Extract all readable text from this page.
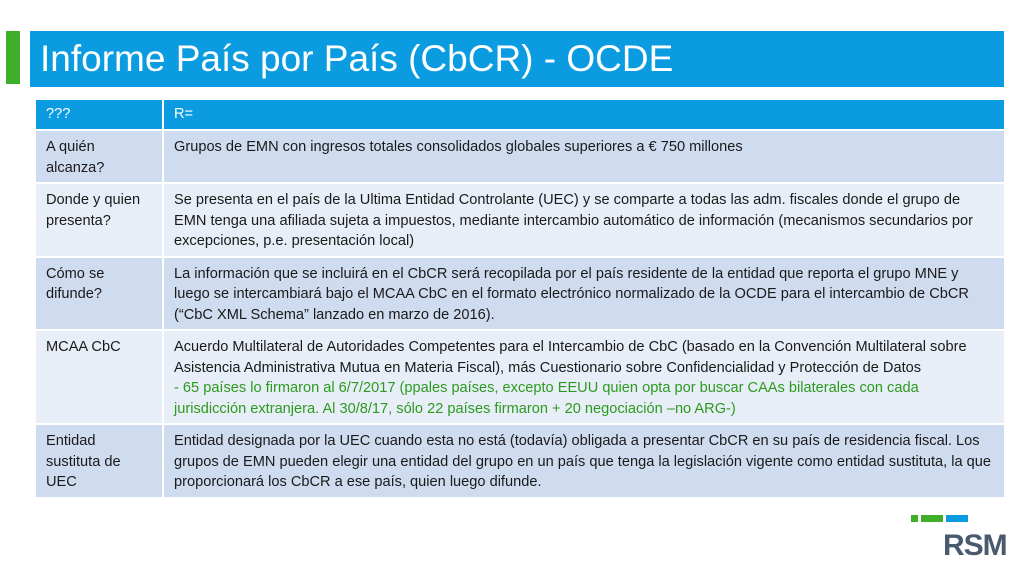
Informe País por País (CbCR) - OCDE
???	R=
A quién alcanza?	Grupos de EMN con ingresos totales consolidados globales superiores a € 750 millones
Donde y quien presenta?	Se presenta en el país de la Ultima Entidad Controlante (UEC) y se comparte a todas las adm. fiscales donde el grupo de EMN tenga una afiliada sujeta a impuestos, mediante intercambio automático de información (mecanismos secundarios por excepciones, p.e. presentación local)
Cómo se difunde?	La información que se incluirá en el CbCR será recopilada por el país residente de la entidad que reporta el grupo MNE y luego se intercambiará bajo el MCAA CbC en el formato electrónico normalizado de la OCDE para el intercambio de CbCR (“CbC XML Schema” lanzado en marzo de 2016).
MCAA CbC	Acuerdo Multilateral de Autoridades Competentes para el Intercambio de CbC (basado en la Convención Multilateral sobre Asistencia Administrativa Mutua en Materia Fiscal), más Cuestionario sobre Confidencialidad y Protección de Datos
- 65 países lo firmaron al 6/7/2017 (ppales países, excepto EEUU quien opta por buscar CAAs bilaterales con cada jurisdicción extranjera. Al 30/8/17, sólo 22 países firmaron + 20 negociación –no ARG-)

Entidad sustituta de UEC	Entidad designada por la UEC cuando esta no está (todavía) obligada a presentar CbCR en su país de residencia fiscal. Los grupos de EMN pueden elegir una entidad del grupo en un país que tenga la legislación vigente como entidad sustituta, la que proporcionará los CbCR a ese país, quien luego difunde.
RSM
